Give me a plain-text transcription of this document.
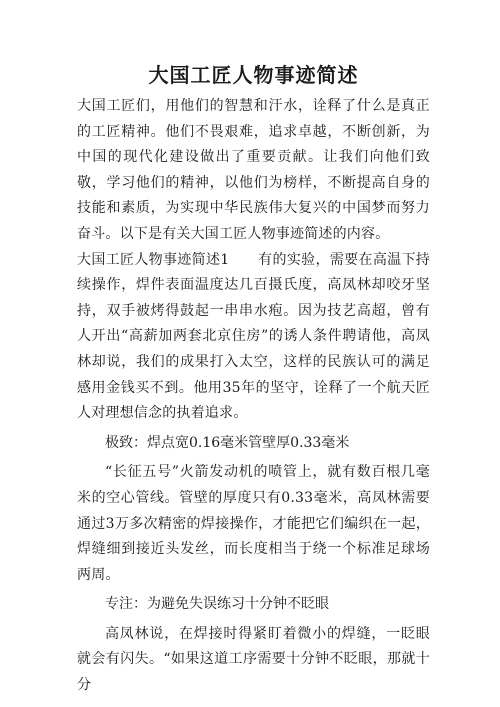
大国工匠人物事迹简述

大国工匠们，用他们的智慧和汗水，诠释了什么是真正的工匠精神。他们不畏艰难，追求卓越，不断创新，为中国的现代化建设做出了重要贡献。让我们向他们致敬，学习他们的精神，以他们为榜样，不断提高自身的技能和素质，为实现中华民族伟大复兴的中国梦而努力奋斗。以下是有关大国工匠人物事迹简述的内容。

大国工匠人物事迹简述1　　有的实验，需要在高温下持续操作，焊件表面温度达几百摄氏度，高凤林却咬牙坚持，双手被烤得鼓起一串串水疱。因为技艺高超，曾有人开出“高薪加两套北京住房”的诱人条件聘请他，高凤林却说，我们的成果打入太空，这样的民族认可的满足感用金钱买不到。他用35年的坚守，诠释了一个航天匠人对理想信念的执着追求。

极致：焊点宽0.16毫米管壁厚0.33毫米

“长征五号”火箭发动机的喷管上，就有数百根几毫米的空心管线。管壁的厚度只有0.33毫米，高凤林需要通过3万多次精密的焊接操作，才能把它们编织在一起，焊缝细到接近头发丝，而长度相当于绕一个标准足球场两周。

专注：为避免失误练习十分钟不眨眼

高凤林说，在焊接时得紧盯着微小的焊缝，一眨眼就会有闪失。“如果这道工序需要十分钟不眨眼，那就十分
